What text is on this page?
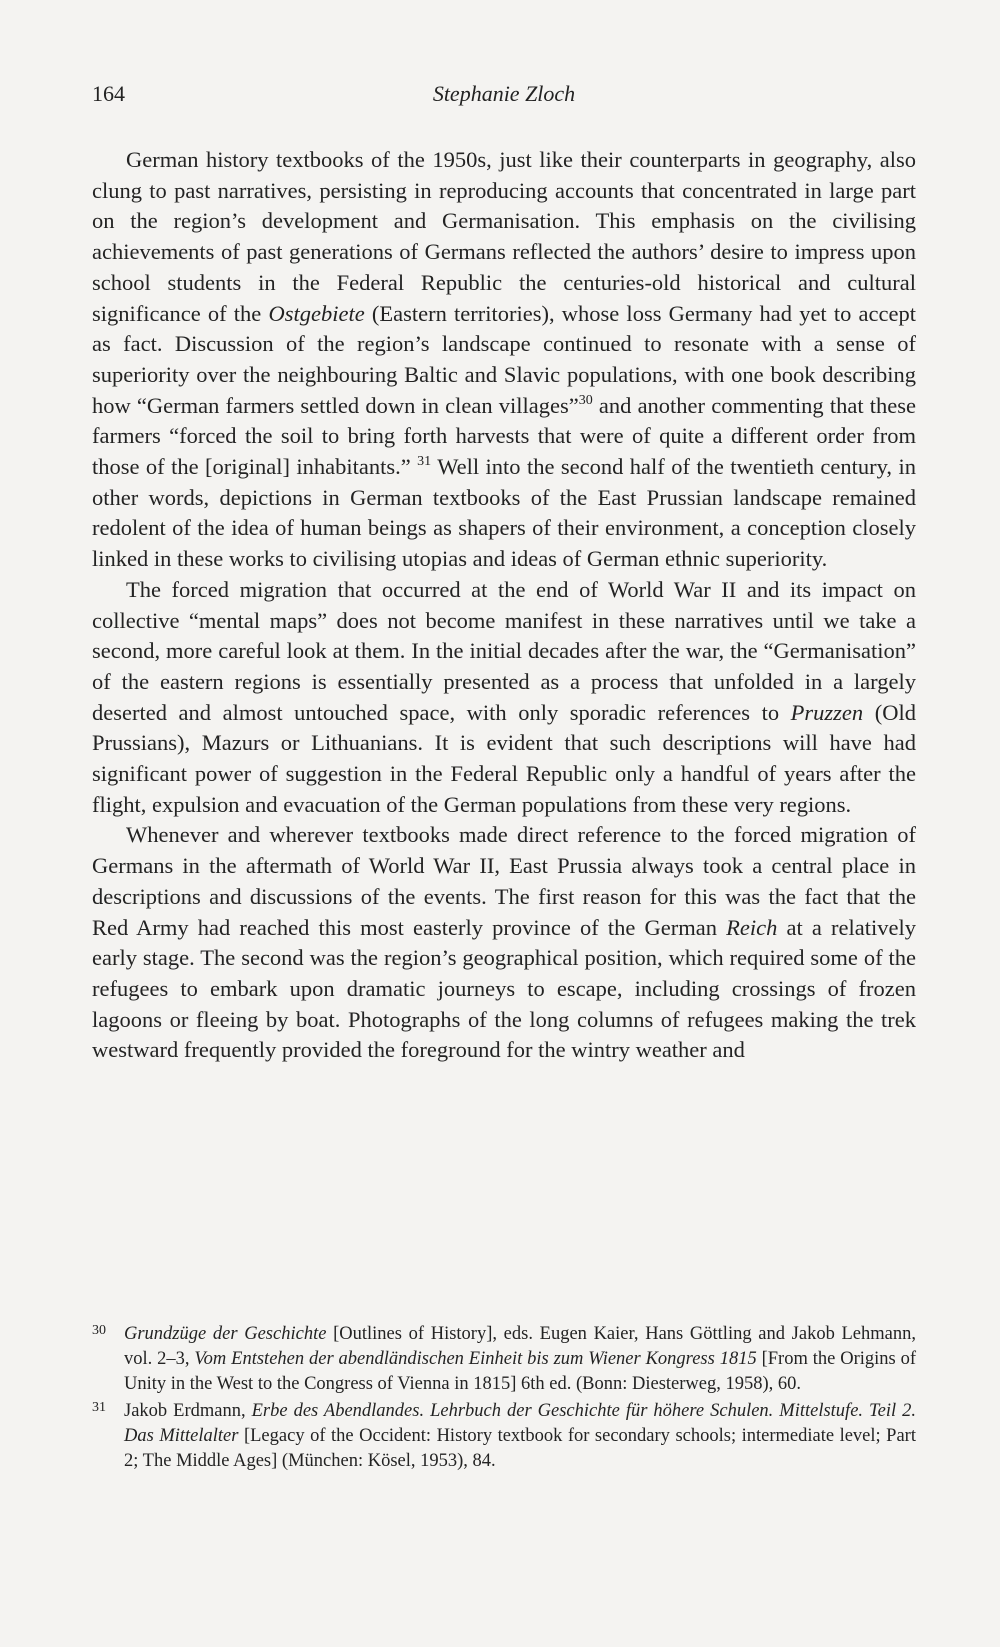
164	Stephanie Zloch

German history textbooks of the 1950s, just like their counterparts in geography, also clung to past narratives, persisting in reproducing accounts that concentrated in large part on the region’s development and Germanisation. This emphasis on the civilising achievements of past generations of Germans reflected the authors’ desire to impress upon school students in the Federal Republic the centuries-old historical and cultural significance of the Ostgebiete (Eastern territories), whose loss Germany had yet to accept as fact. Discussion of the region’s landscape continued to resonate with a sense of superiority over the neighbouring Baltic and Slavic populations, with one book describing how “German farmers settled down in clean villages”$^{30}$ and another commenting that these farmers “forced the soil to bring forth harvests that were of quite a different order from those of the [original] inhabitants.” $^{31}$ Well into the second half of the twentieth century, in other words, depictions in German textbooks of the East Prussian landscape remained redolent of the idea of human beings as shapers of their environment, a conception closely linked in these works to civilising utopias and ideas of German ethnic superiority.

The forced migration that occurred at the end of World War II and its impact on collective “mental maps” does not become manifest in these narratives until we take a second, more careful look at them. In the initial decades after the war, the “Germanisation” of the eastern regions is essentially presented as a process that unfolded in a largely deserted and almost untouched space, with only sporadic references to Pruzzen (Old Prussians), Mazurs or Lithuanians. It is evident that such descriptions will have had significant power of suggestion in the Federal Republic only a handful of years after the flight, expulsion and evacuation of the German populations from these very regions.

Whenever and wherever textbooks made direct reference to the forced migration of Germans in the aftermath of World War II, East Prussia always took a central place in descriptions and discussions of the events. The first reason for this was the fact that the Red Army had reached this most easterly province of the German Reich at a relatively early stage. The second was the region’s geographical position, which required some of the refugees to embark upon dramatic journeys to escape, including crossings of frozen lagoons or fleeing by boat. Photographs of the long columns of refugees making the trek westward frequently provided the foreground for the wintry weather and

30 Grundzüge der Geschichte [Outlines of History], eds. Eugen Kaier, Hans Göttling and Jakob Lehmann, vol. 2–3, Vom Entstehen der abendländischen Einheit bis zum Wiener Kongress 1815 [From the Origins of Unity in the West to the Congress of Vienna in 1815] 6th ed. (Bonn: Diesterweg, 1958), 60.
31 Jakob Erdmann, Erbe des Abendlandes. Lehrbuch der Geschichte für höhere Schulen. Mittelstufe. Teil 2. Das Mittelalter [Legacy of the Occident: History textbook for secondary schools; intermediate level; Part 2; The Middle Ages] (München: Kösel, 1953), 84.
